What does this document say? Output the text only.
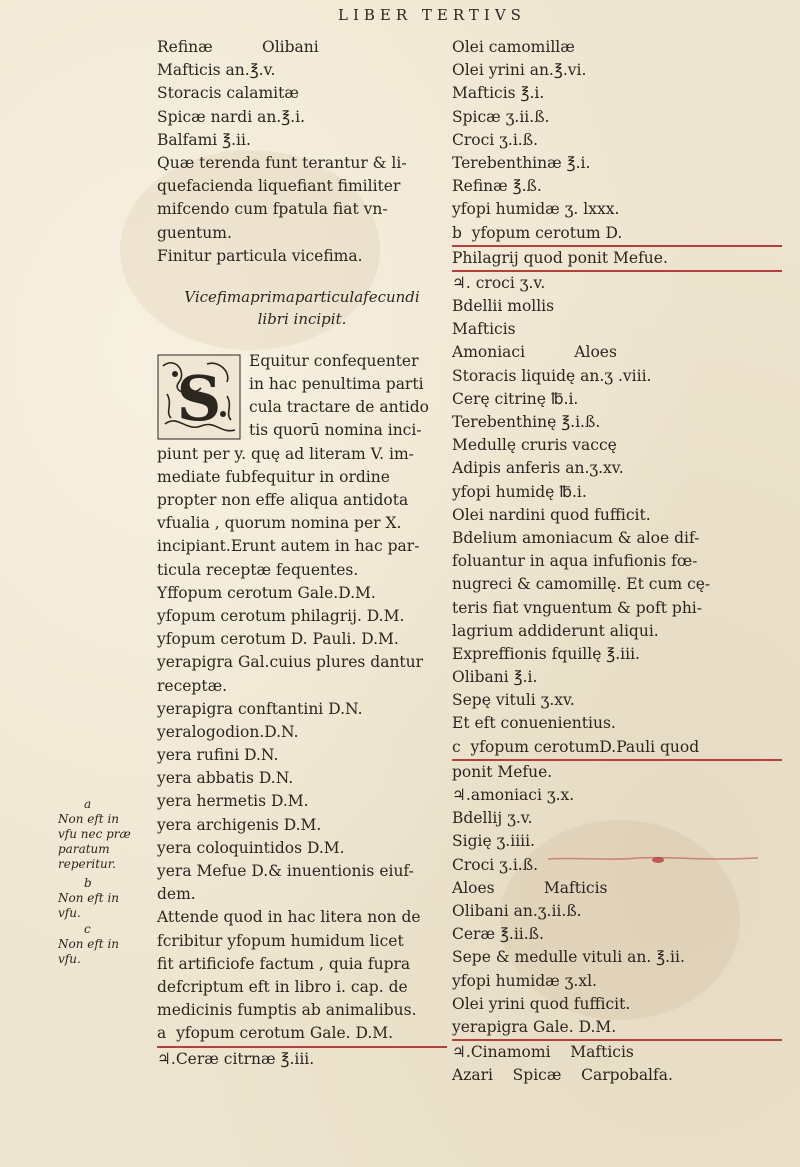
LIBER TERTIVS
Refinæ          Olibani
Mafticis an.℥.v.
Storacis calamitæ
Spicæ nardi an.℥.i.
Balfami ℥.ii.
Quæ terenda funt terantur & li-
quefacienda liquefiant fimiliter
mifcendo cum fpatula fiat vn-
guentum.
Finitur particula vicefima.
Vicefimaprimaparticulafecundi
libri incipit.
S
Equitur confequenter
in hac penultima parti
cula tractare de antido
tis quorū nomina inci-
piunt per y. quę ad literam V. im-
mediate fubfequitur in ordine
propter non effe aliqua antidota
vfualia , quorum nomina per X.
incipiant.Erunt autem in hac par-
ticula receptæ fequentes.
Yffopum cerotum Gale.D.M.
yfopum cerotum philagrij. D.M.
yfopum cerotum D. Pauli. D.M.
yerapigra Gal.cuius plures dantur
receptæ.
yerapigra conftantini D.N.
yeralogodion.D.N.
yera rufini D.N.
yera abbatis D.N.
yera hermetis D.M.
yera archigenis D.M.
yera coloquintidos D.M.
yera Mefue D.& inuentionis eiuf-
dem.
Attende quod in hac litera non de
fcribitur yfopum humidum licet
fit artificiofe factum , quia fupra
defcriptum eft in libro i. cap. de
medicinis fumptis ab animalibus.
a  yfopum cerotum Gale. D.M.
♃.Ceræ citrnæ ℥.iii.
a
Non eft in
vfu nec præ
paratum
reperitur.
b
Non eft in
vfu.
c
Non eft in
vfu.
Olei camomillæ
Olei yrini an.℥.vi.
Mafticis ℥.i.
Spicæ ʒ.ii.ß.
Croci ʒ.i.ß.
Terebenthinæ ℥.i.
Refinæ ℥.ß.
yfopi humidæ ʒ. lxxx.
b  yfopum cerotum D.
Philagrij quod ponit Mefue.
♃. croci ʒ.v.
Bdellii mollis
Mafticis
Amoniaci          Aloes
Storacis liquidę an.ʒ .viii.
Cerę citrinę ℔.i.
Terebenthinę ℥.i.ß.
Medullę cruris vaccę
Adipis anferis an.ʒ.xv.
yfopi humidę ℔.i.
Olei nardini quod fufficit.
Bdelium amoniacum & aloe dif-
foluantur in aqua infufionis fœ-
nugreci & camomillę. Et cum cę-
teris fiat vnguentum & poft phi-
lagrium addiderunt aliqui.
Expreffionis fquillę ℥.iii.
Olibani ℥.i.
Sepę vituli ʒ.xv.
Et eft conuenientius.
c  yfopum cerotumD.Pauli quod
ponit Mefue.
♃.amoniaci ʒ.x.
Bdellij ʒ.v.
Sigię ʒ.iiii.
Croci ʒ.i.ß.
Aloes          Mafticis
Olibani an.ʒ.ii.ß.
Ceræ ℥.ii.ß.
Sepe & medulle vituli an. ℥.ii.
yfopi humidæ ʒ.xl.
Olei yrini quod fufficit.
yerapigra Gale. D.M.
♃.Cinamomi    Mafticis
Azari    Spicæ    Carpobalfa.
